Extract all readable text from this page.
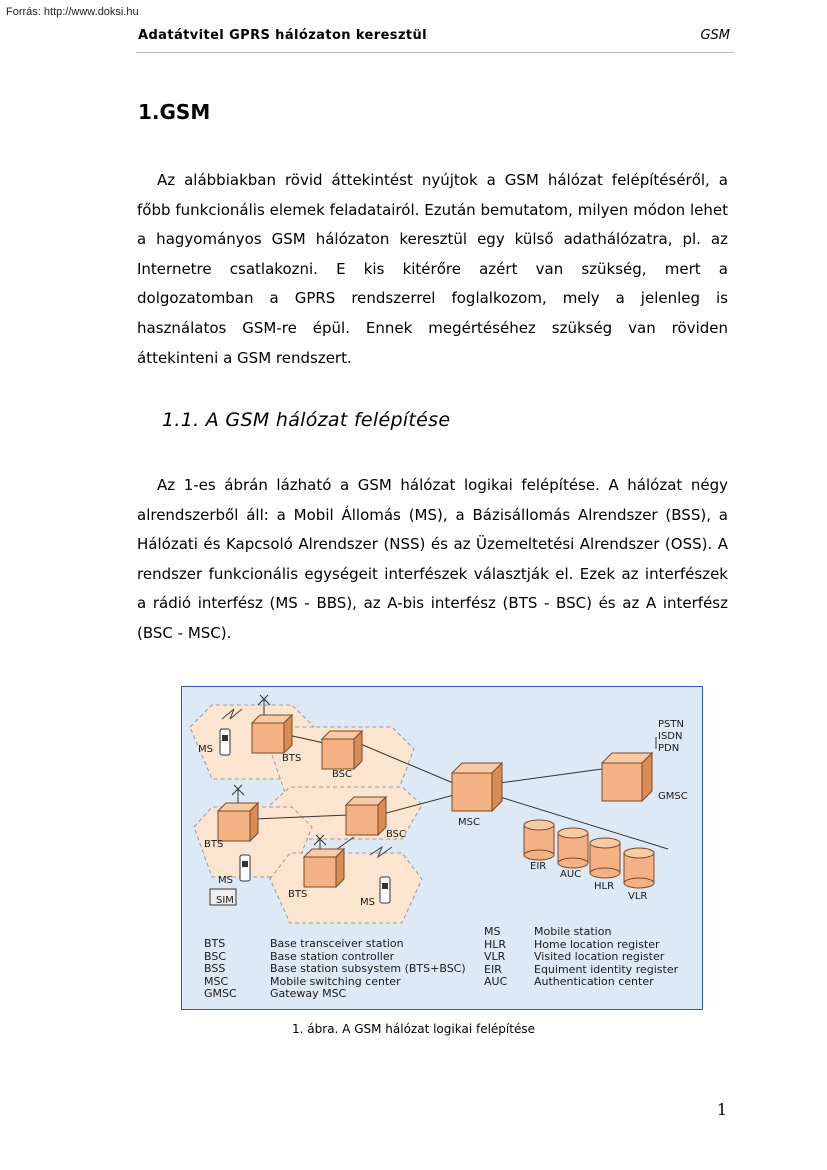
Forrás: http://www.doksi.hu
Adatátvitel GPRS hálózaton keresztül	GSM
1.GSM

Az alábbiakban rövid áttekintést nyújtok a GSM hálózat felépítéséről, a főbb funkcionális elemek feladatairól. Ezután bemutatom, milyen módon lehet a hagyományos GSM hálózaton keresztül egy külső adathálózatra, pl. az Internetre csatlakozni. E kis kitérőre azért van szükség, mert a dolgozatomban a GPRS rendszerrel foglalkozom, mely a jelenleg is használatos GSM-re épül. Ennek megértéséhez szükség van röviden áttekinteni a GSM rendszert.

1.1. A GSM hálózat felépítése

Az 1-es ábrán lázható a GSM hálózat logikai felépítése. A hálózat négy alrendszerből áll: a Mobil Állomás (MS), a Bázisállomás Alrendszer (BSS), a Hálózati és Kapcsoló Alrendszer (NSS) és az Üzemeltetési Alrendszer (OSS). A rendszer funkcionális egységeit interfészek választják el. Ezek az interfészek a rádió interfész (MS - BBS), az A-bis interfész (BTS - BSC) és az A interfész (BSC - MSC).

MS
BTS
BSC
BTS
BSC
MS
SIM
BTS
MS
MSC
GMSC
PSTN
ISDN
PDN
EIR
AUC
HLR
VLR
BTS	Base transceiver station
BSC	Base station controller
BSS	Base station subsystem (BTS+BSC)
MSC	Mobile switching center
GMSC	Gateway MSC
MS	Mobile station
HLR	Home location register
VLR	Visited location register
EIR	Equiment identity register
AUC	Authentication center
1. ábra. A GSM hálózat logikai felépítése
1
